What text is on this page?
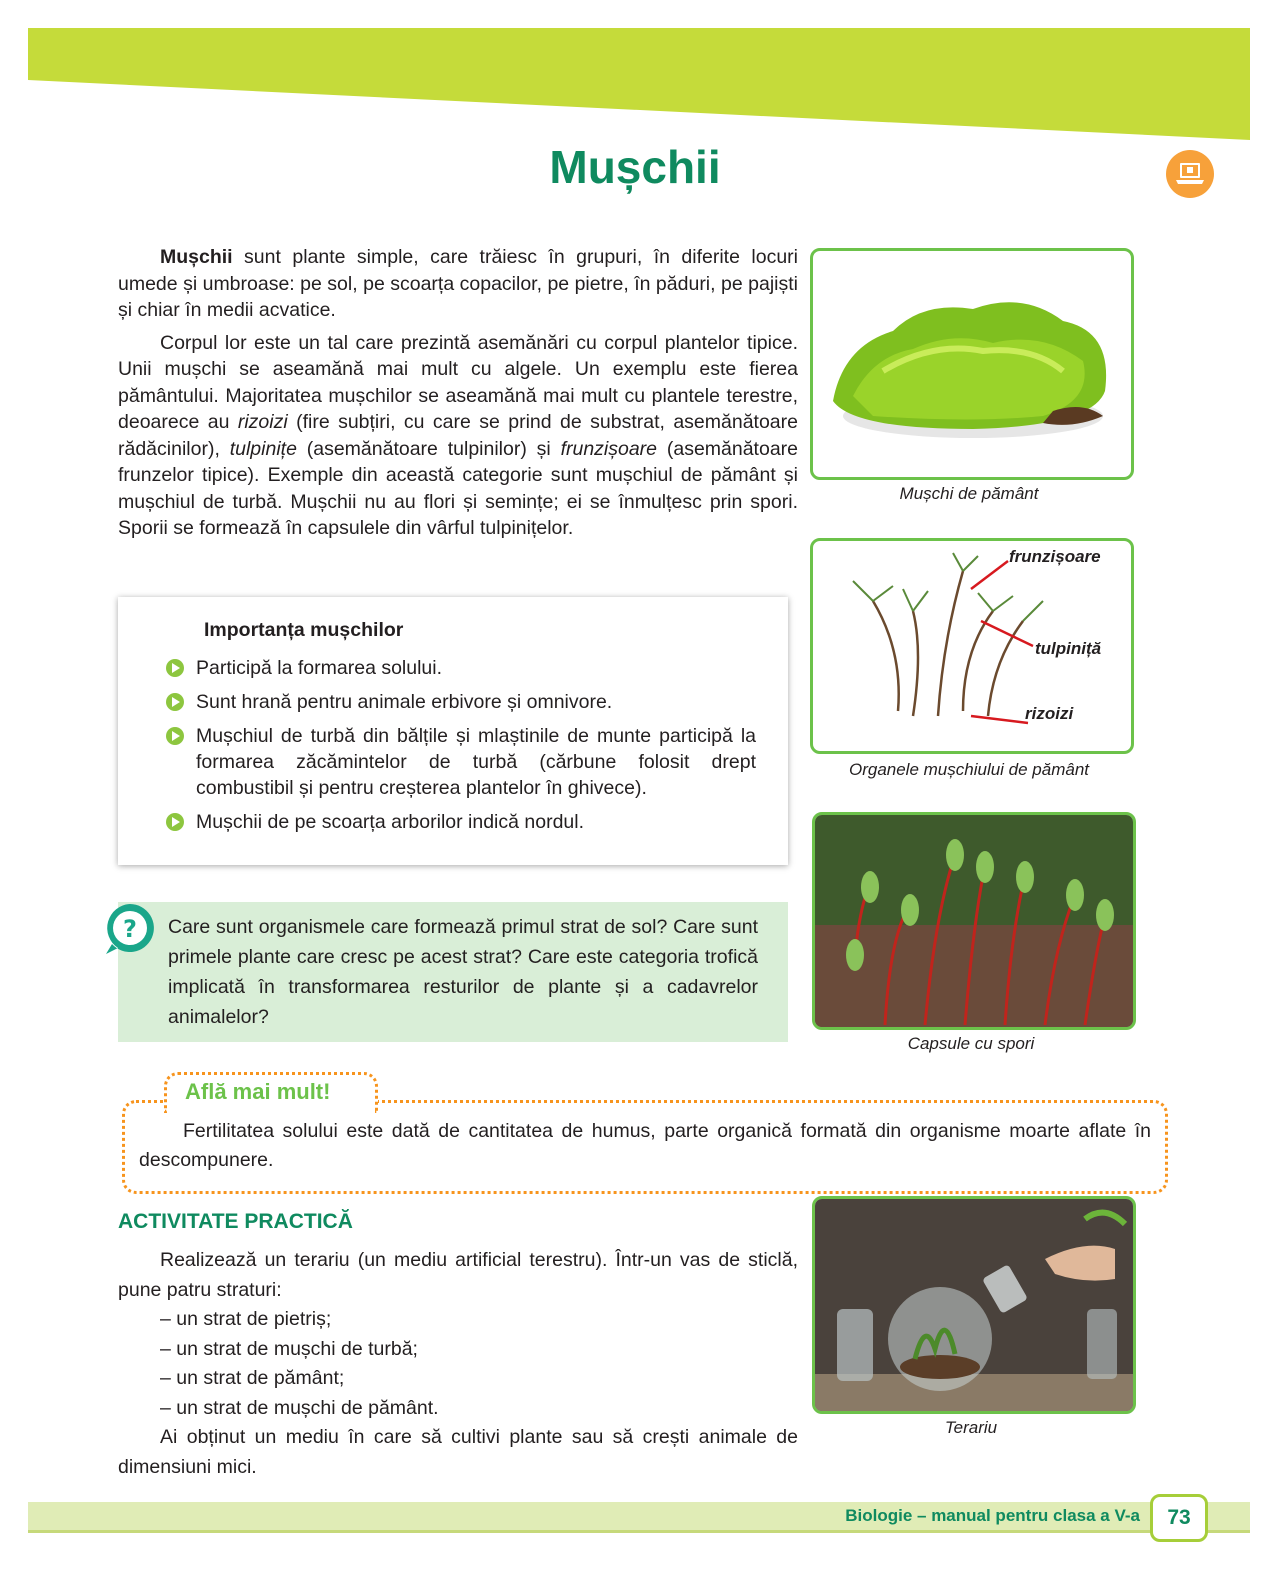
Mușchii

Mușchii sunt plante simple, care trăiesc în grupuri, în diferite locuri umede și umbroase: pe sol, pe scoarța copacilor, pe pietre, în păduri, pe pajiști și chiar în medii acvatice.

Corpul lor este un tal care prezintă asemănări cu corpul plantelor tipice. Unii mușchi se aseamănă mai mult cu algele. Un exemplu este fierea pământului. Majoritatea mușchilor se aseamănă mai mult cu plantele terestre, deoarece au rizoizi (fire subțiri, cu care se prind de substrat, asemănătoare rădăcinilor), tulpinițe (asemănătoare tulpinilor) și frunzișoare (asemănătoare frunzelor tipice). Exemple din această categorie sunt mușchiul de pământ și mușchiul de turbă. Mușchii nu au flori și semințe; ei se înmulțesc prin spori. Sporii se formează în capsulele din vârful tulpinițelor.

Mușchi de pământ
frunzișoare
tulpiniță
rizoizi
Organele mușchiului de pământ
Capsule cu spori
Importanța mușchilor
Participă la formarea solului.
Sunt hrană pentru animale erbivore și omnivore.
Mușchiul de turbă din bălțile și mlaștinile de munte participă la formarea zăcămintelor de turbă (cărbune folosit drept combustibil și pentru creșterea plantelor în ghivece).
Mușchii de pe scoarța arborilor indică nordul.
Care sunt organismele care formează primul strat de sol? Care sunt primele plante care cresc pe acest strat? Care este categoria trofică implicată în transformarea resturilor de plante și a cadavrelor animalelor?
?
Fertilitatea solului este dată de cantitatea de humus, parte organică formată din organisme moarte aflate în descompunere.
Află mai mult!
ACTIVITATE PRACTICĂ

Realizează un terariu (un mediu artificial terestru). Într-un vas de sticlă, pune patru straturi:

– un strat de pietriș;

– un strat de mușchi de turbă;

– un strat de pământ;

– un strat de mușchi de pământ.

Ai obținut un mediu în care să cultivi plante sau să crești animale de dimensiuni mici.

Terariu
Biologie – manual pentru clasa a V-a	73
